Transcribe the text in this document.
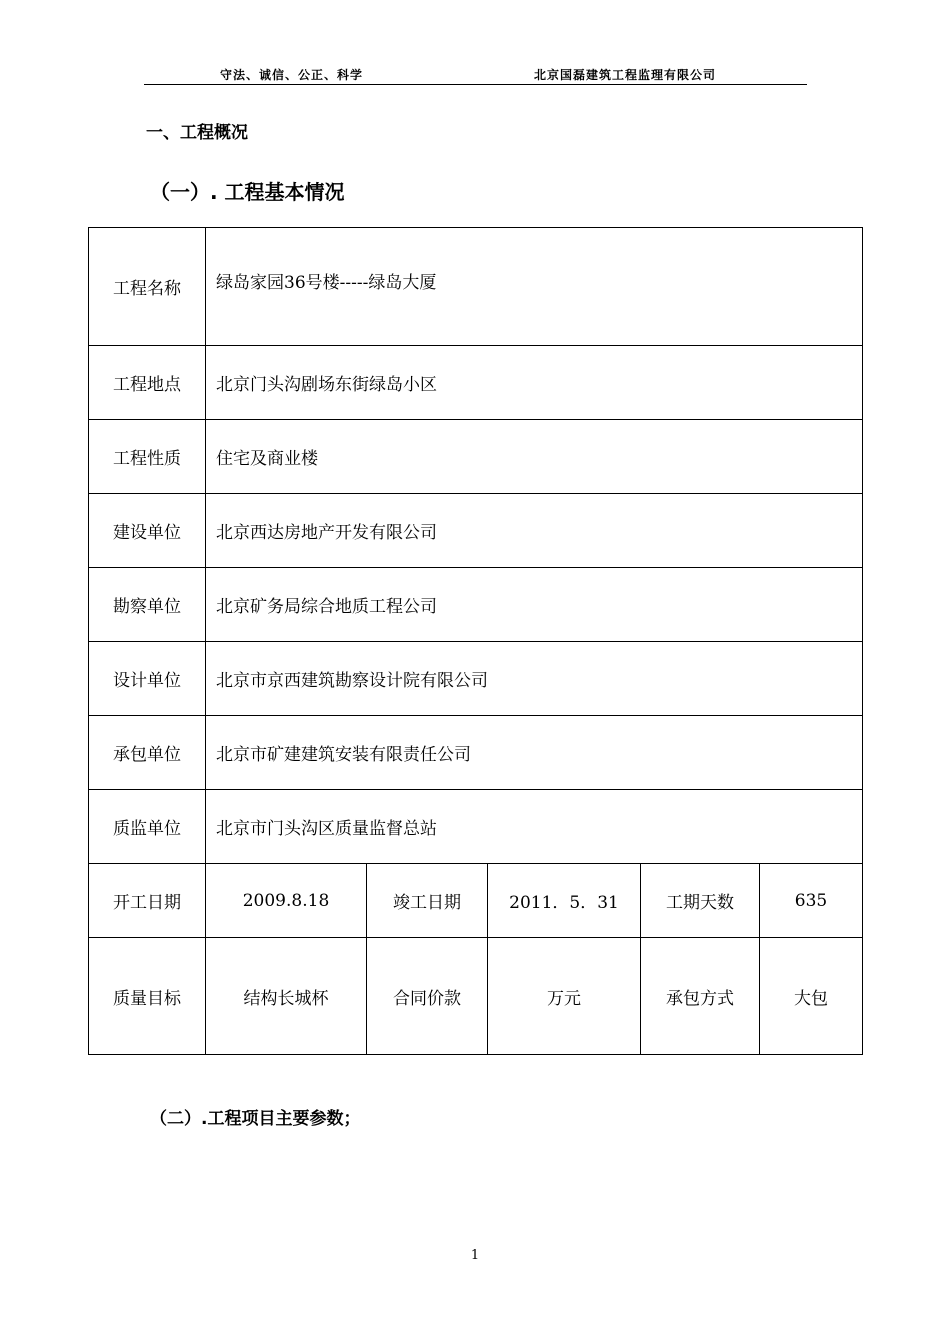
守法、诚信、公正、科学	北京国磊建筑工程监理有限公司
一、工程概况
（一）. 工程基本情况
工程名称	绿岛家园36号楼-----绿岛大厦				
工程地点	北京门头沟剧场东街绿岛小区				
工程性质	住宅及商业楼				
建设单位	北京西达房地产开发有限公司				
勘察单位	北京矿务局综合地质工程公司				
设计单位	北京市京西建筑勘察设计院有限公司				
承包单位	北京市矿建建筑安装有限责任公司				
质监单位	北京市门头沟区质量监督总站				
开工日期	2009.8.18	竣工日期	2011．5．31	工期天数	635
质量目标	结构长城杯	合同价款	万元	承包方式	大包
（二）.工程项目主要参数；
1
